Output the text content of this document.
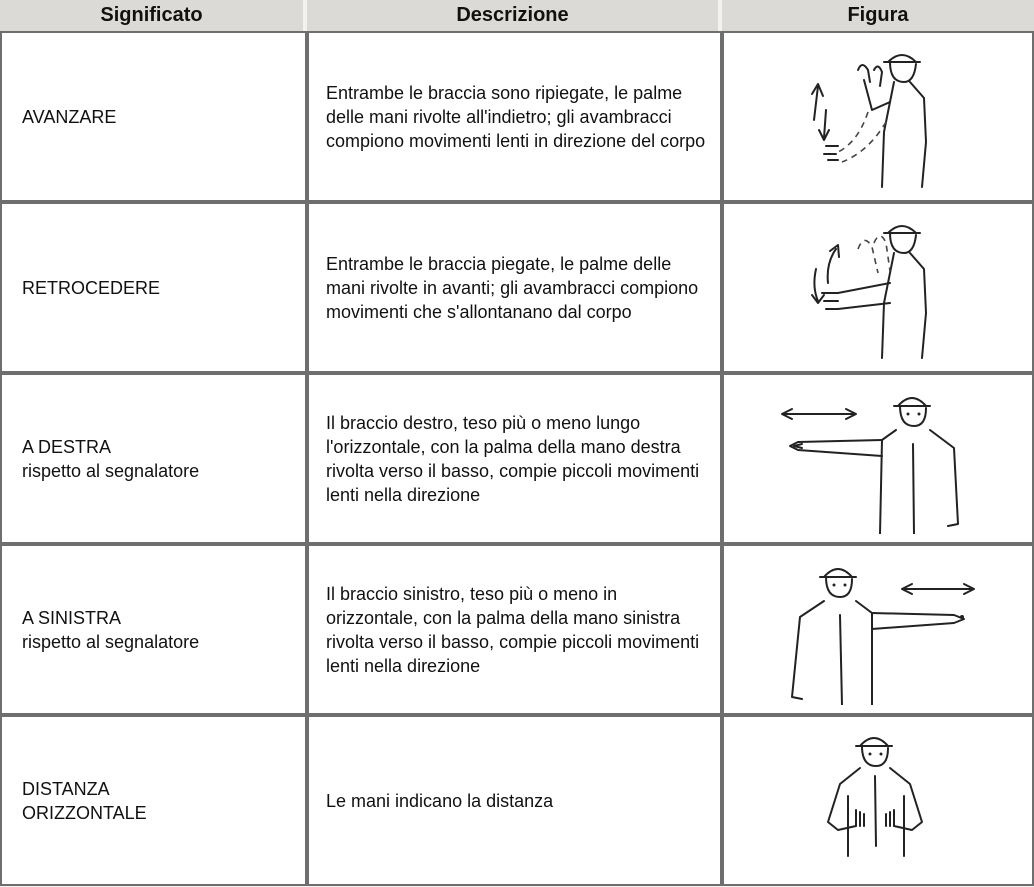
Significato	Descrizione	Figura

AVANZARE	Entrambe le braccia sono ripiegate, le palme delle mani rivolte all'indietro; gli avambracci compiono movimenti lenti in direzione del corpo	

RETROCEDERE	Entrambe le braccia piegate, le palme delle mani rivolte in avanti; gli avambracci compiono movimenti che s'allontanano dal corpo	

A DESTRA
rispetto al segnalatore	Il braccio destro, teso più o meno lungo l'orizzontale, con la palma della mano destra rivolta verso il basso, compie piccoli movimenti lenti nella direzione	

A SINISTRA
rispetto al segnalatore	Il braccio sinistro, teso più o meno in orizzontale, con la palma della mano sinistra rivolta verso il basso, compie piccoli movimenti lenti nella direzione	

DISTANZA
ORIZZONTALE	Le mani indicano la distanza	
